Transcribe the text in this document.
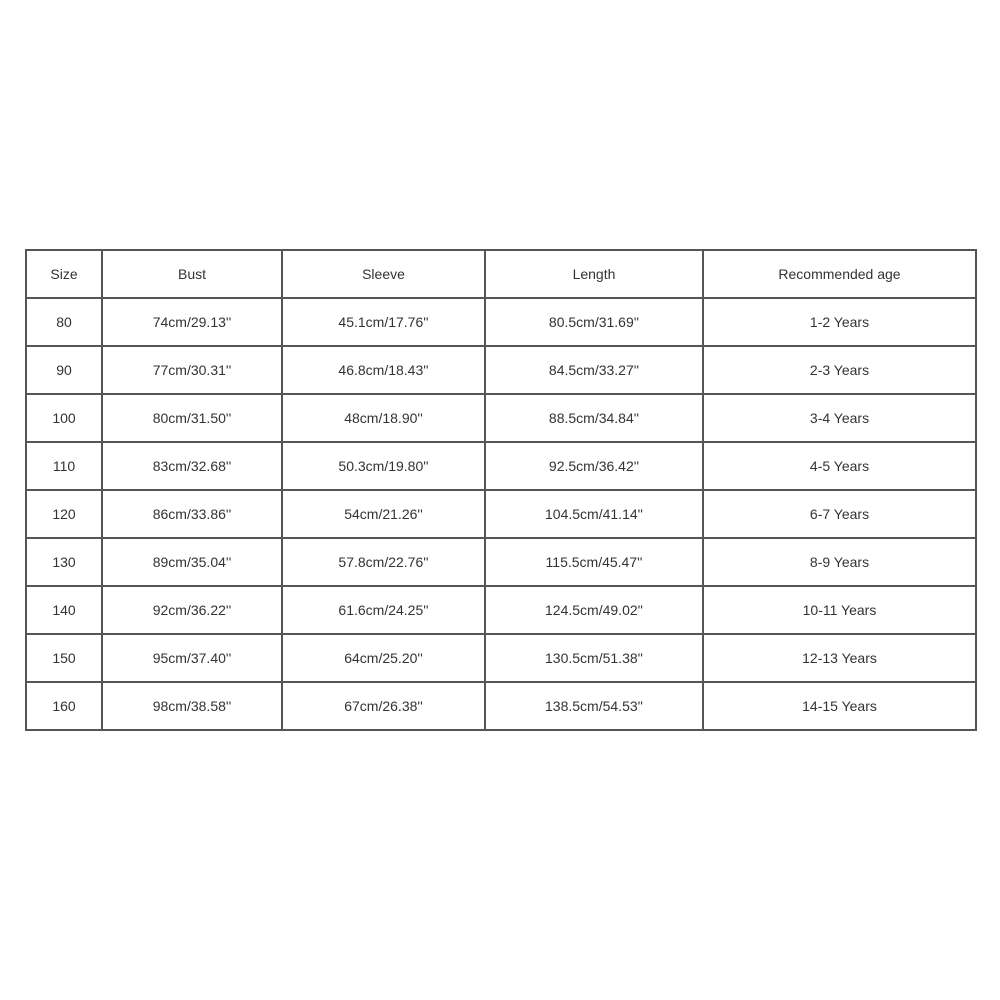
Size	Bust	Sleeve	Length	Recommended age
80	74cm/29.13''	45.1cm/17.76''	80.5cm/31.69''	1-2 Years
90	77cm/30.31''	46.8cm/18.43''	84.5cm/33.27''	2-3 Years
100	80cm/31.50''	48cm/18.90''	88.5cm/34.84''	3-4 Years
110	83cm/32.68''	50.3cm/19.80''	92.5cm/36.42''	4-5 Years
120	86cm/33.86''	54cm/21.26''	104.5cm/41.14''	6-7 Years
130	89cm/35.04''	57.8cm/22.76''	115.5cm/45.47''	8-9 Years
140	92cm/36.22''	61.6cm/24.25''	124.5cm/49.02''	10-11 Years
150	95cm/37.40''	64cm/25.20''	130.5cm/51.38''	12-13 Years
160	98cm/38.58''	67cm/26.38''	138.5cm/54.53''	14-15 Years
